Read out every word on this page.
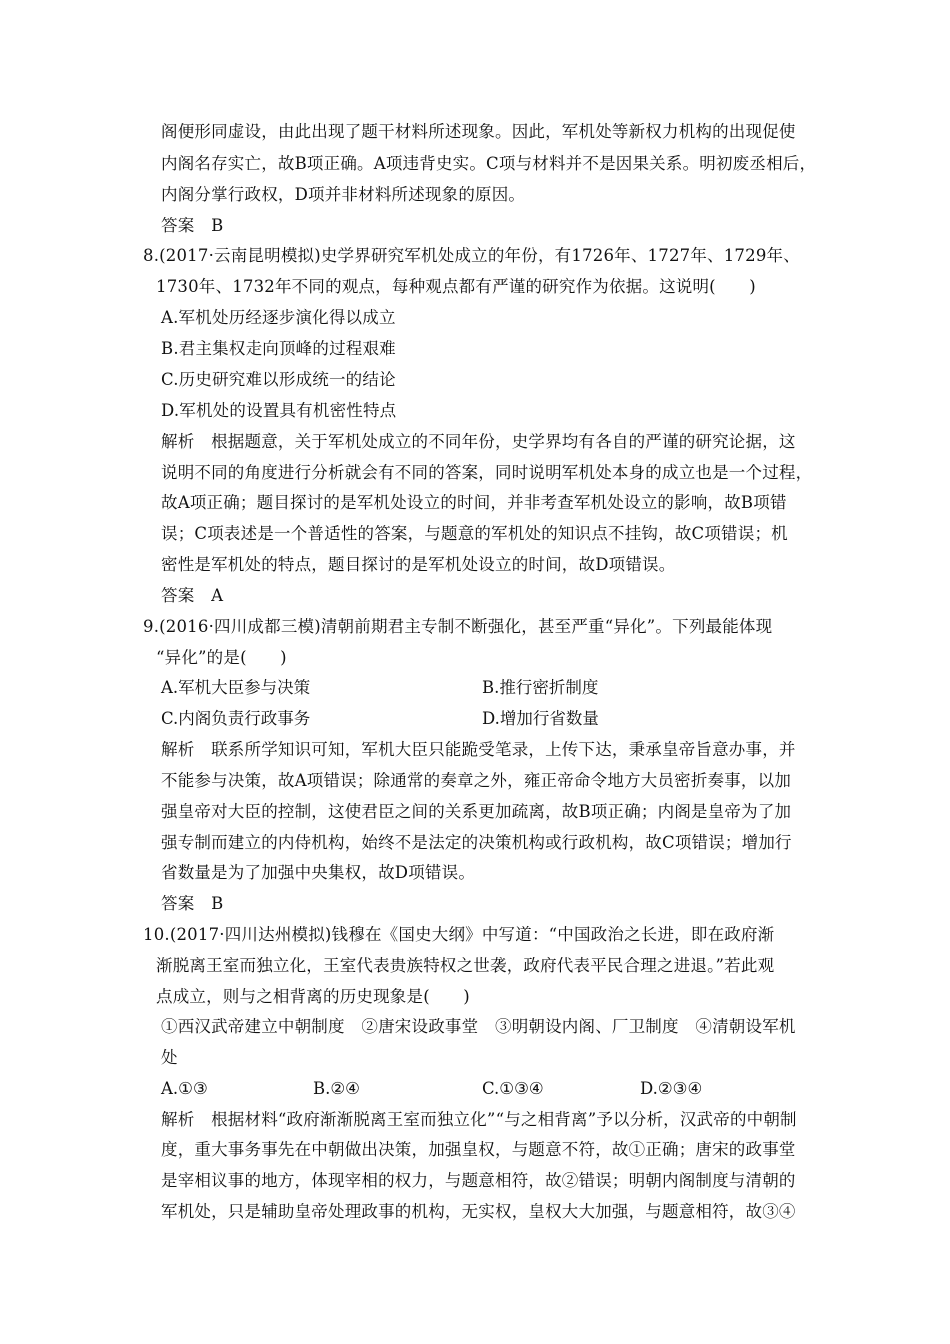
阁便形同虚设，由此出现了题干材料所述现象。因此，军机处等新权力机构的出现促使
内阁名存实亡，故B项正确。A项违背史实。C项与材料并不是因果关系。明初废丞相后，
内阁分掌行政权，D项并非材料所述现象的原因。
答案　B
8.(2017·云南昆明模拟)史学界研究军机处成立的年份，有1726年、1727年、1729年、
1730年、1732年不同的观点，每种观点都有严谨的研究作为依据。这说明(　　)
A.军机处历经逐步演化得以成立
B.君主集权走向顶峰的过程艰难
C.历史研究难以形成统一的结论
D.军机处的设置具有机密性特点
解析　根据题意，关于军机处成立的不同年份，史学界均有各自的严谨的研究论据，这
说明不同的角度进行分析就会有不同的答案，同时说明军机处本身的成立也是一个过程，
故A项正确；题目探讨的是军机处设立的时间，并非考查军机处设立的影响，故B项错
误；C项表述是一个普适性的答案，与题意的军机处的知识点不挂钩，故C项错误；机
密性是军机处的特点，题目探讨的是军机处设立的时间，故D项错误。
答案　A
9.(2016·四川成都三模)清朝前期君主专制不断强化，甚至严重“异化”。下列最能体现
“异化”的是(　　)
A.军机大臣参与决策	B.推行密折制度
C.内阁负责行政事务	D.增加行省数量
解析　联系所学知识可知，军机大臣只能跪受笔录，上传下达，秉承皇帝旨意办事，并
不能参与决策，故A项错误；除通常的奏章之外，雍正帝命令地方大员密折奏事，以加
强皇帝对大臣的控制，这使君臣之间的关系更加疏离，故B项正确；内阁是皇帝为了加
强专制而建立的内侍机构，始终不是法定的决策机构或行政机构，故C项错误；增加行
省数量是为了加强中央集权，故D项错误。
答案　B
10.(2017·四川达州模拟)钱穆在《国史大纲》中写道：“中国政治之长进，即在政府渐
渐脱离王室而独立化，王室代表贵族特权之世袭，政府代表平民合理之进退。”若此观
点成立，则与之相背离的历史现象是(　　)
①西汉武帝建立中朝制度　②唐宋设政事堂　③明朝设内阁、厂卫制度　④清朝设军机
处
A.①③	B.②④	C.①③④	D.②③④
解析　根据材料“政府渐渐脱离王室而独立化”“与之相背离”予以分析，汉武帝的中朝制
度，重大事务事先在中朝做出决策，加强皇权，与题意不符，故①正确；唐宋的政事堂
是宰相议事的地方，体现宰相的权力，与题意相符，故②错误；明朝内阁制度与清朝的
军机处，只是辅助皇帝处理政事的机构，无实权，皇权大大加强，与题意相符，故③④
